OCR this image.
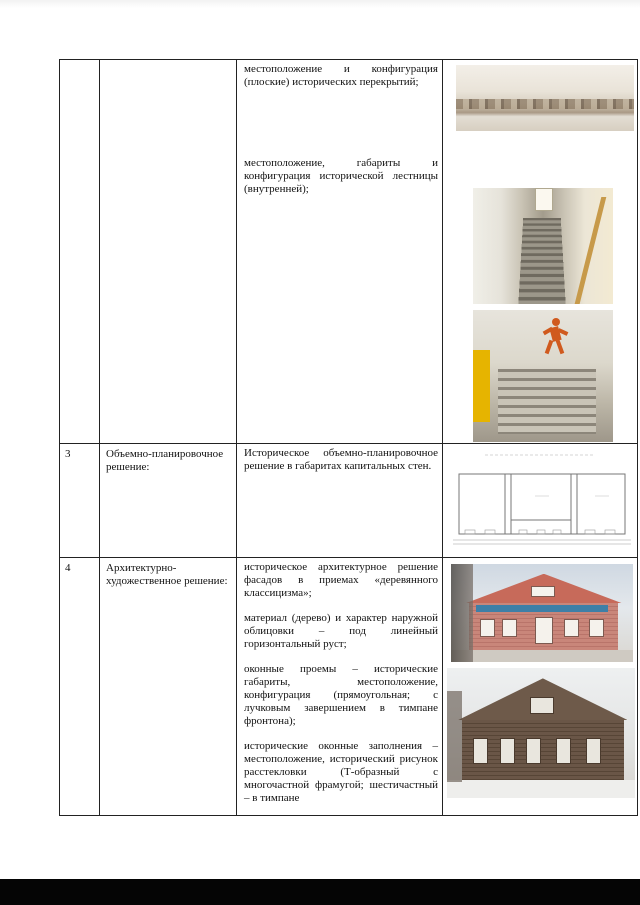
		местоположение и конфигурация (плоские) исторических перекрытий;

местоположение, габариты и конфигурация исторической лестницы (внутренней);	

3	Объемно-планировочное решение:	Историческое объемно-планировочное решение в габаритах капитальных стен.

4	Архитектурно-художественное решение:	историческое архитектурное решение фасадов в приемах «деревянного классицизма»;

материал (дерево) и характер наружной облицовки – под линейный горизонтальный руст;

оконные проемы – исторические габариты, местоположение, конфигурация (прямоугольная; с лучковым завершением в тимпане фронтона);

исторические оконные заполнения – местоположение, исторический рисунок расстекловки (Т-образный с многочастной фрамугой; шестичастный – в тимпане	
